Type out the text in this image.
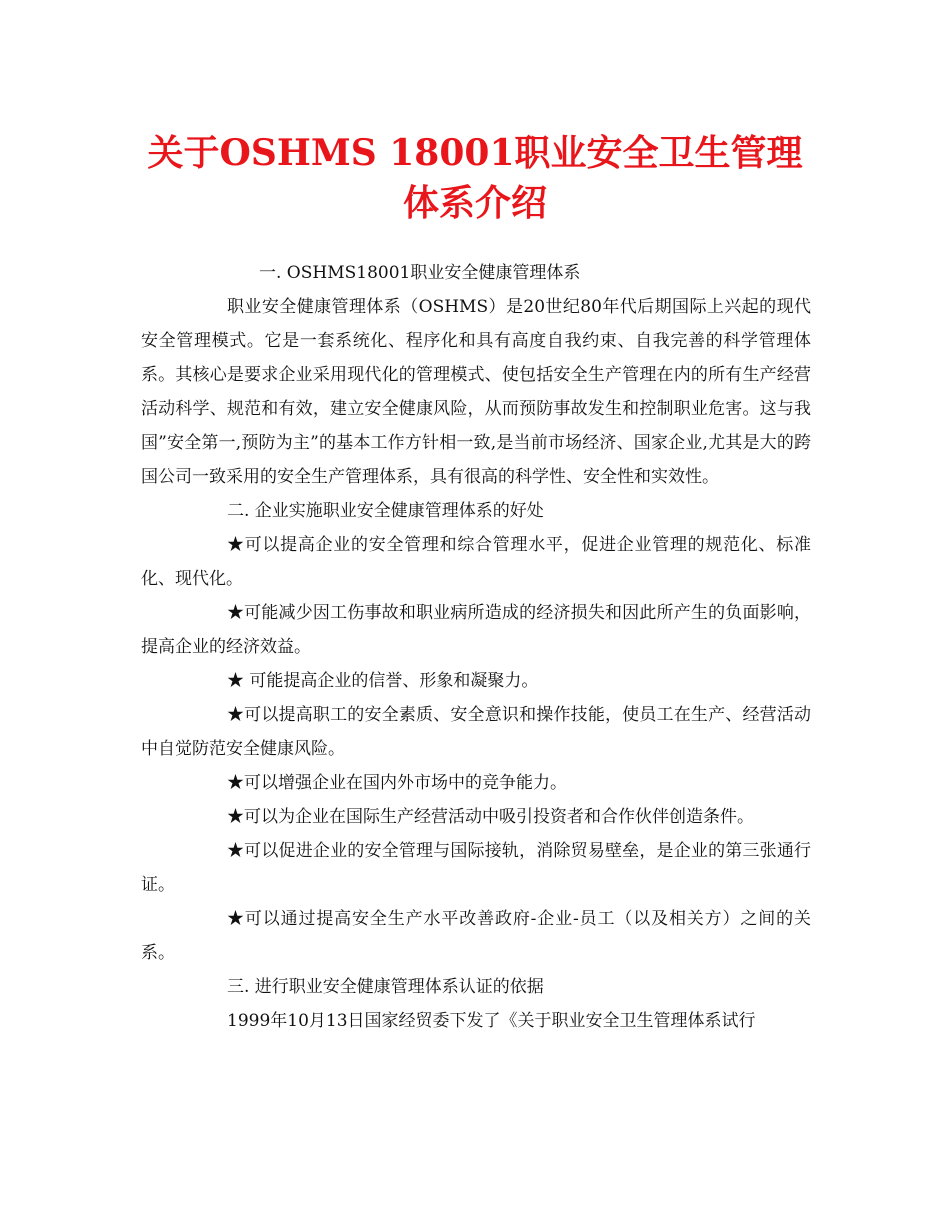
关于OSHMS 18001职业安全卫生管理体系介绍

一. OSHMS18001职业安全健康管理体系

职业安全健康管理体系（OSHMS）是20世纪80年代后期国际上兴起的现代安全管理模式。它是一套系统化、程序化和具有高度自我约束、自我完善的科学管理体系。其核心是要求企业采用现代化的管理模式、使包括安全生产管理在内的所有生产经营活动科学、规范和有效，建立安全健康风险，从而预防事故发生和控制职业危害。这与我国”安全第一,预防为主”的基本工作方针相一致,是当前市场经济、国家企业,尤其是大的跨国公司一致采用的安全生产管理体系，具有很高的科学性、安全性和实效性。

二. 企业实施职业安全健康管理体系的好处

★可以提高企业的安全管理和综合管理水平，促进企业管理的规范化、标准化、现代化。

★可能减少因工伤事故和职业病所造成的经济损失和因此所产生的负面影响，提高企业的经济效益。

★ 可能提高企业的信誉、形象和凝聚力。

★可以提高职工的安全素质、安全意识和操作技能，使员工在生产、经营活动中自觉防范安全健康风险。

★可以增强企业在国内外市场中的竞争能力。

★可以为企业在国际生产经营活动中吸引投资者和合作伙伴创造条件。

★可以促进企业的安全管理与国际接轨，消除贸易壁垒，是企业的第三张通行证。

★可以通过提高安全生产水平改善政府-企业-员工（以及相关方）之间的关系。

三. 进行职业安全健康管理体系认证的依据

1999年10月13日国家经贸委下发了《关于职业安全卫生管理体系试行
